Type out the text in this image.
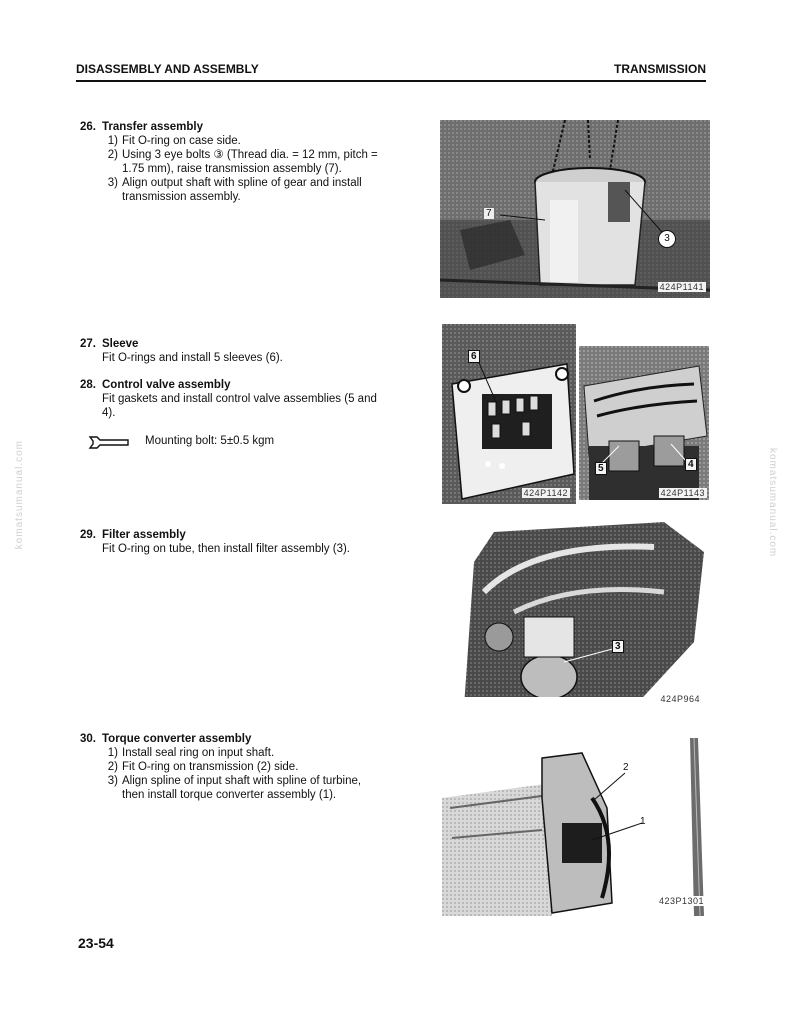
DISASSEMBLY AND ASSEMBLY	TRANSMISSION
komatsumanual.com	komatsumanual.com
26. Transfer assembly
1) Fit O-ring on case side.
2) Using 3 eye bolts ③ (Thread dia. = 12 mm, pitch = 1.75 mm), raise transmission assembly (7).
3) Align output shaft with spline of gear and install transmission assembly.
27. Sleeve
Fit O-rings and install 5 sleeves (6).
28. Control valve assembly
Fit gaskets and install control valve assemblies (5 and 4).
Mounting bolt: 5±0.5 kgm
29. Filter assembly
Fit O-ring on tube, then install filter assembly (3).
30. Torque converter assembly
1) Install seal ring on input shaft.
2) Fit O-ring on transmission (2) side.
3) Align spline of input shaft with spline of turbine, then install torque converter assembly (1).
7
3
424P1141
6
424P1142
5	4
424P1143
3
424P964
2
1
423P1301
23-54
